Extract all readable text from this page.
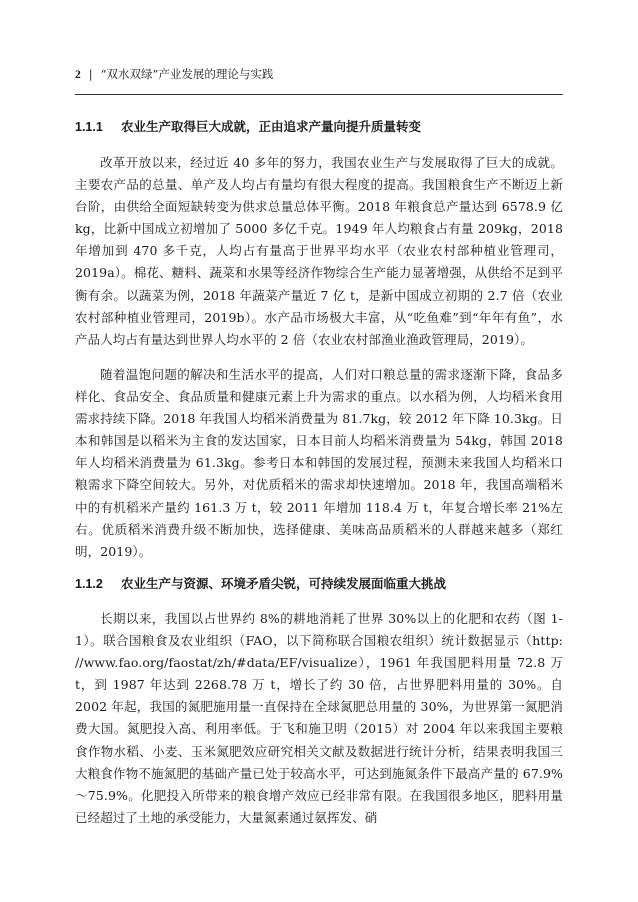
2 | “双水双绿”产业发展的理论与实践
1.1.1 农业生产取得巨大成就，正由追求产量向提升质量转变

改革开放以来，经过近 40 多年的努力，我国农业生产与发展取得了巨大的成就。主要农产品的总量、单产及人均占有量均有很大程度的提高。我国粮食生产不断迈上新台阶，由供给全面短缺转变为供求总量总体平衡。2018 年粮食总产量达到 6578.9 亿 kg，比新中国成立初增加了 5000 多亿千克。1949 年人均粮食占有量 209kg，2018 年增加到 470 多千克，人均占有量高于世界平均水平（农业农村部种植业管理司，2019a）。棉花、糖料、蔬菜和水果等经济作物综合生产能力显著增强，从供给不足到平衡有余。以蔬菜为例，2018 年蔬菜产量近 7 亿 t，是新中国成立初期的 2.7 倍（农业农村部种植业管理司，2019b）。水产品市场极大丰富，从“吃鱼难”到“年年有鱼”，水产品人均占有量达到世界人均水平的 2 倍（农业农村部渔业渔政管理局，2019）。

随着温饱问题的解决和生活水平的提高，人们对口粮总量的需求逐渐下降，食品多样化、食品安全、食品质量和健康元素上升为需求的重点。以水稻为例，人均稻米食用需求持续下降。2018 年我国人均稻米消费量为 81.7kg，较 2012 年下降 10.3kg。日本和韩国是以稻米为主食的发达国家，日本目前人均稻米消费量为 54kg，韩国 2018 年人均稻米消费量为 61.3kg。参考日本和韩国的发展过程，预测未来我国人均稻米口粮需求下降空间较大。另外，对优质稻米的需求却快速增加。2018 年，我国高端稻米中的有机稻米产量约 161.3 万 t，较 2011 年增加 118.4 万 t，年复合增长率 21%左右。优质稻米消费升级不断加快，选择健康、美味高品质稻米的人群越来越多（郑红明，2019）。

1.1.2 农业生产与资源、环境矛盾尖锐，可持续发展面临重大挑战

长期以来，我国以占世界约 8%的耕地消耗了世界 30%以上的化肥和农药（图 1-1）。联合国粮食及农业组织（FAO，以下简称联合国粮农组织）统计数据显示（http: //www.fao.org/faostat/zh/#data/EF/visualize），1961 年我国肥料用量 72.8 万 t，到 1987 年达到 2268.78 万 t，增长了约 30 倍，占世界肥料用量的 30%。自 2002 年起，我国的氮肥施用量一直保持在全球氮肥总用量的 30%，为世界第一氮肥消费大国。氮肥投入高、利用率低。于飞和施卫明（2015）对 2004 年以来我国主要粮食作物水稻、小麦、玉米氮肥效应研究相关文献及数据进行统计分析，结果表明我国三大粮食作物不施氮肥的基础产量已处于较高水平，可达到施氮条件下最高产量的 67.9%～75.9%。化肥投入所带来的粮食增产效应已经非常有限。在我国很多地区，肥料用量已经超过了土地的承受能力，大量氮素通过氨挥发、硝
